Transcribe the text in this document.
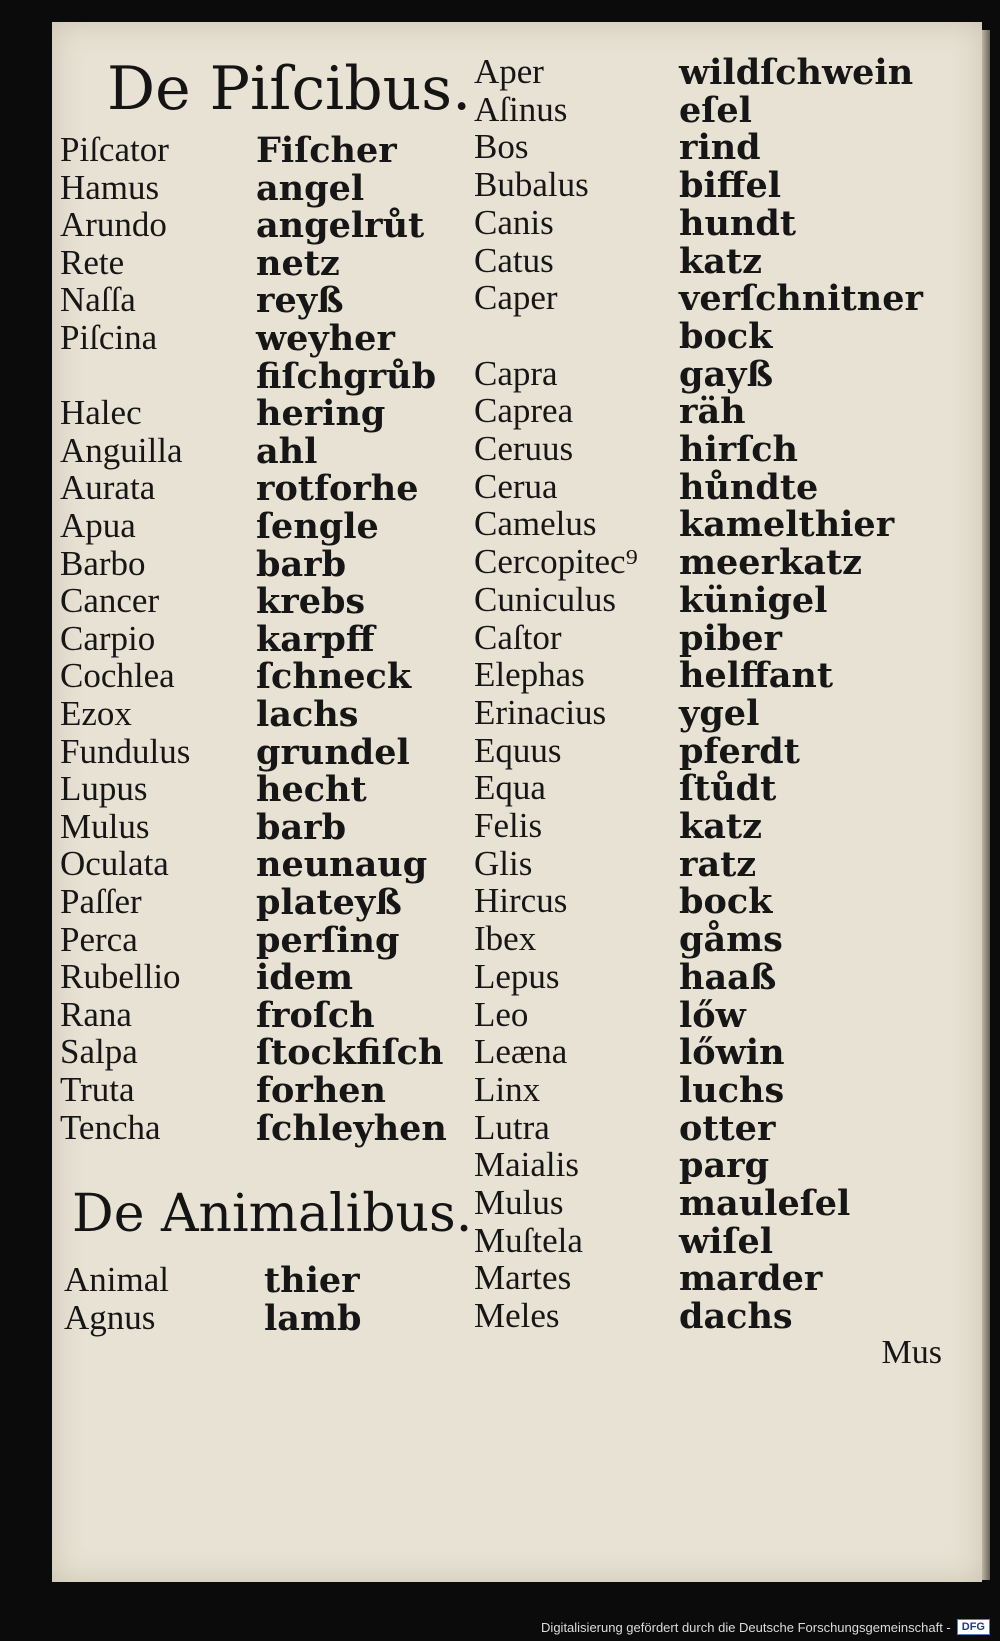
De Piſcibus.
Piſcator Fiſcher
Hamus	angel
Arundo	angelrůt
Rete	netz
Naſſa	reyß
Piſcina	weyher
fiſchgrůb
Halec	hering
Anguilla ahl
Aurata	rotforhe
Apua	ſengle
Barbo	barb
Cancer	krebs
Carpio	karpff
Cochlea ſchneck
Ezox	lachs
Fundulus grundel
Lupus	hecht
Mulus	barb
Oculata neunaug
Paſſer	plateyß
Perca	perſing
Rubellio idem
Rana	froſch
Salpa	ſtockfiſch
Truta	forhen
Tencha	ſchleyhen
De Animalibus.
Animal	thier
Agnus	lamb
Aper	wildſchwein
Aſinus	eſel
Bos	rind
Bubalus	biffel
Canis	hundt
Catus	katz
Caper	verſchnitner
bock
Capra	gayß
Caprea	räh
Ceruus	hirſch
Cerua	hůndte
Camelus kamelthier
Cercopitec⁹ meerkatz
Cuniculus künigel
Caſtor	piber
Elephas	helffant
Erinacius ygel
Equus	pferdt
Equa	ſtůdt
Felis	katz
Glis	ratz
Hircus	bock
Ibex	gåms
Lepus	haaß
Leo	lőw
Leæna	lőwin
Linx	luchs
Lutra	otter
Maialis	parg
Mulus	mauleſel
Muſtela	wiſel
Martes	marder
Meles	dachs
Mus
Digitalisierung gefördert durch die Deutsche Forschungsgemeinschaft -	DFG
